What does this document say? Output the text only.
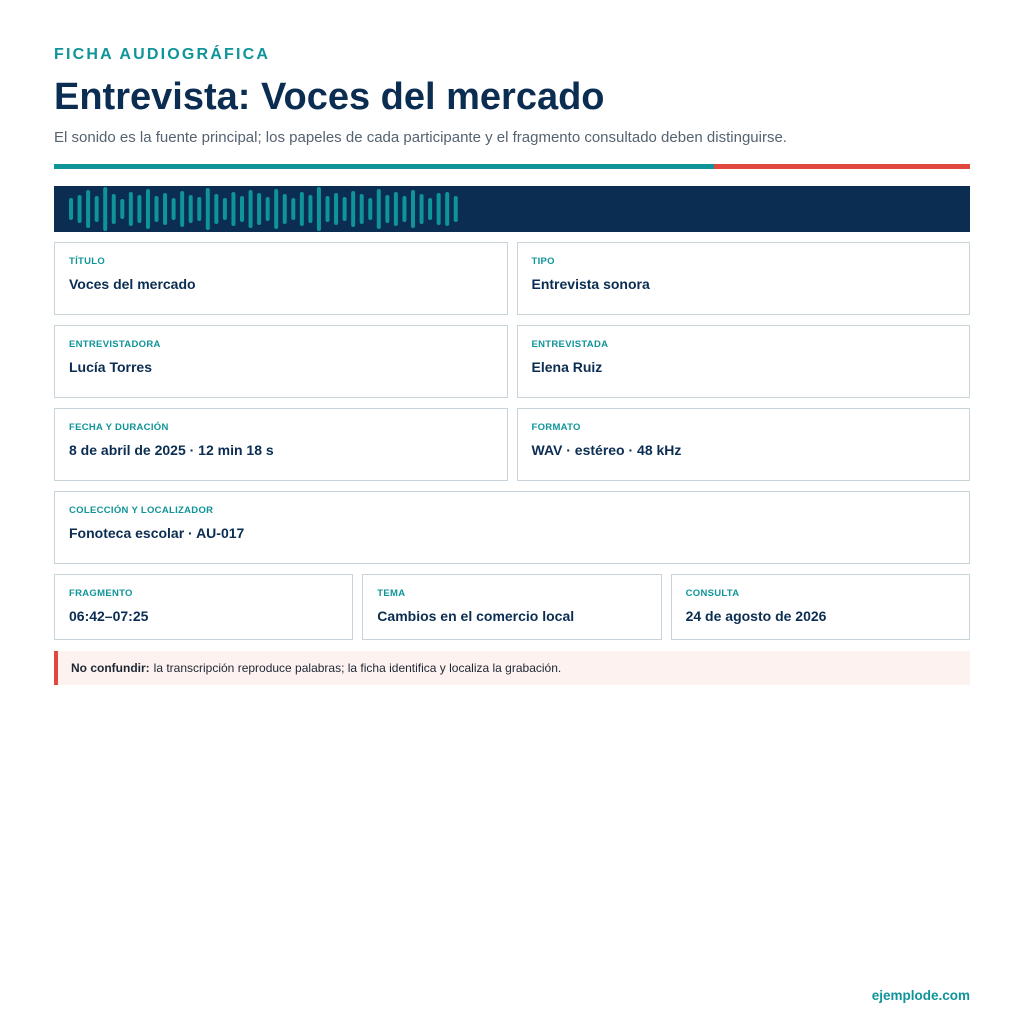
FICHA AUDIOGRÁFICA

Entrevista: Voces del mercado

El sonido es la fuente principal; los papeles de cada participante y el fragmento consultado deben distinguirse.

TÍTULO
Voces del mercado
TIPO
Entrevista sonora
ENTREVISTADORA
Lucía Torres
ENTREVISTADA
Elena Ruiz
FECHA Y DURACIÓN
8 de abril de 2025 · 12 min 18 s
FORMATO
WAV · estéreo · 48 kHz
COLECCIÓN Y LOCALIZADOR
Fonoteca escolar · AU-017
FRAGMENTO
06:42–07:25
TEMA
Cambios en el comercio local
CONSULTA
24 de agosto de 2026
No confundir: la transcripción reproduce palabras; la ficha identifica y localiza la grabación.
ejemplode.com
